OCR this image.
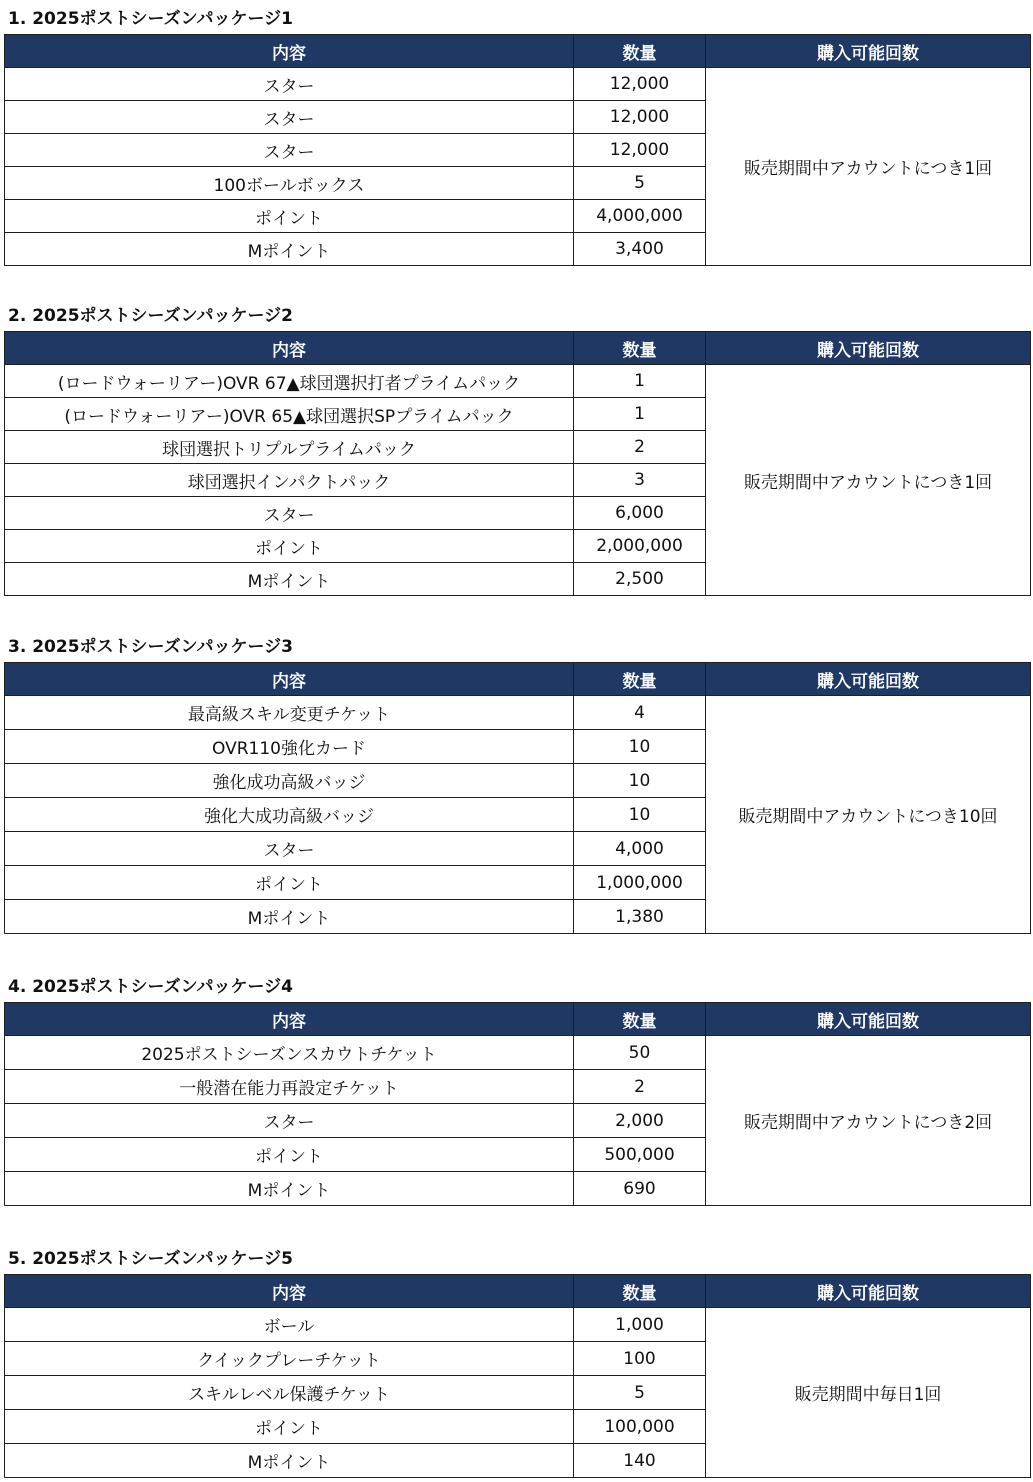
1. 2025ポストシーズンパッケージ1
内容	数量	購入可能回数
スター	12,000	販売期間中アカウントにつき1回
スター	12,000	
スター	12,000	
100ボールボックス	5	
ポイント	4,000,000	
Mポイント	3,400	
2. 2025ポストシーズンパッケージ2
内容	数量	購入可能回数
(ロードウォーリアー)OVR 67▲球団選択打者プライムパック	1	販売期間中アカウントにつき1回
(ロードウォーリアー)OVR 65▲球団選択SPプライムパック	1	
球団選択トリプルプライムパック	2	
球団選択インパクトパック	3	
スター	6,000	
ポイント	2,000,000	
Mポイント	2,500	
3. 2025ポストシーズンパッケージ3
内容	数量	購入可能回数
最高級スキル変更チケット	4	販売期間中アカウントにつき10回
OVR110強化カード	10	
強化成功高級バッジ	10	
強化大成功高級バッジ	10	
スター	4,000	
ポイント	1,000,000	
Mポイント	1,380	
4. 2025ポストシーズンパッケージ4
内容	数量	購入可能回数
2025ポストシーズンスカウトチケット	50	販売期間中アカウントにつき2回
一般潜在能力再設定チケット	2	
スター	2,000	
ポイント	500,000	
Mポイント	690	
5. 2025ポストシーズンパッケージ5
内容	数量	購入可能回数
ボール	1,000	販売期間中毎日1回
クイックプレーチケット	100	
スキルレベル保護チケット	5	
ポイント	100,000	
Mポイント	140	
